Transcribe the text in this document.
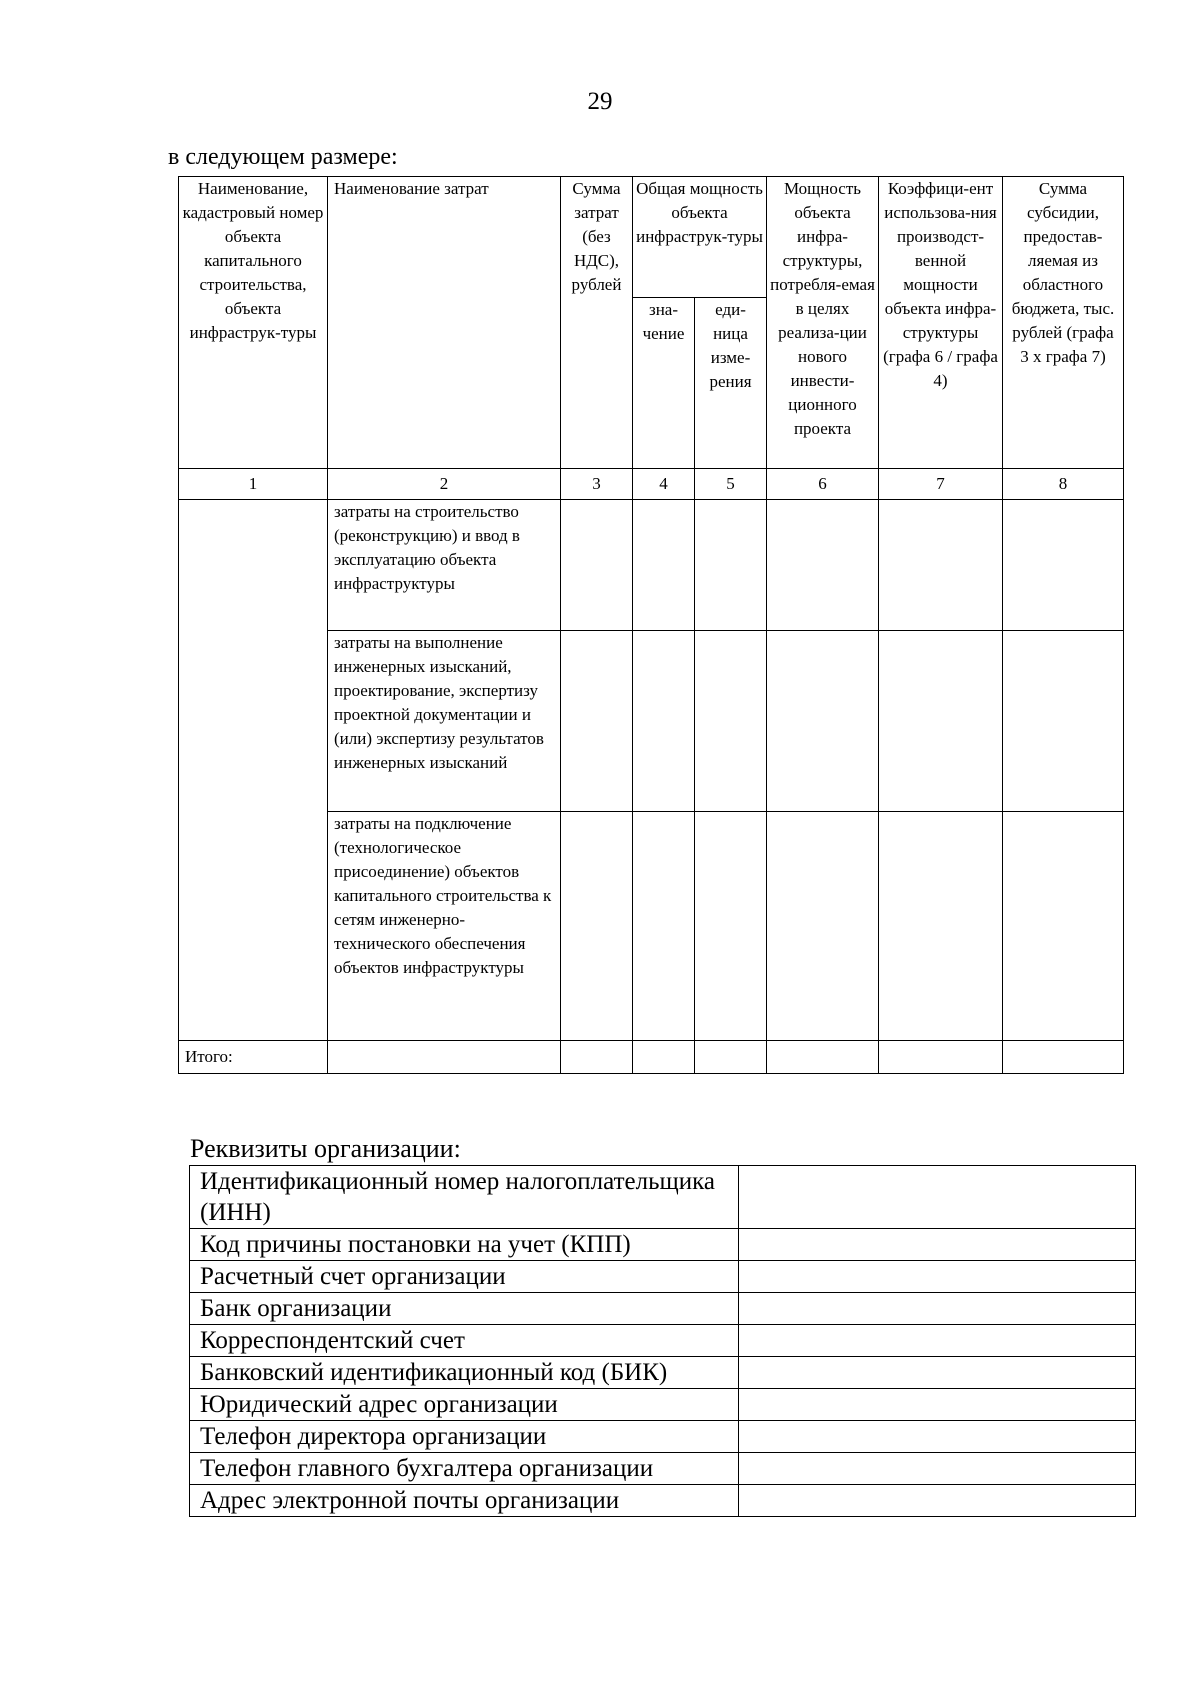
29
в следующем размере:
Наименование, кадастровый номер объекта капитального строительства, объекта инфраструк-туры	Наименование затрат	Сумма затрат (без НДС), рублей	Общая мощность объекта инфраструк-туры		Мощность объекта инфра-структуры, потребля-емая в целях реализа-ции нового инвести-ционного проекта	Коэффици-ент использова-ния производст-венной мощности объекта инфра-структуры (графа 6 / графа 4)	Сумма субсидии, предостав-ляемая из областного бюджета, тыс. рублей (графа 3 х графа 7)
			зна-чение	еди-ница изме-рения			
1	2	3	4	5	6	7	8
	затраты на строительство (реконструкцию) и ввод в эксплуатацию объекта инфраструктуры						
	затраты на выполнение инженерных изысканий, проектирование, экспертизу проектной документации и (или) экспертизу результатов инженерных изысканий						
	затраты на подключение (технологическое присоединение) объектов капитального строительства к сетям инженерно-технического обеспечения объектов инфраструктуры						
Итого:							
Реквизиты организации:
Идентификационный номер налогоплательщика (ИНН)	
Код причины постановки на учет (КПП)	
Расчетный счет организации	
Банк организации	
Корреспондентский счет	
Банковский идентификационный код (БИК)	
Юридический адрес организации	
Телефон директора организации	
Телефон главного бухгалтера организации	
Адрес электронной почты организации	
